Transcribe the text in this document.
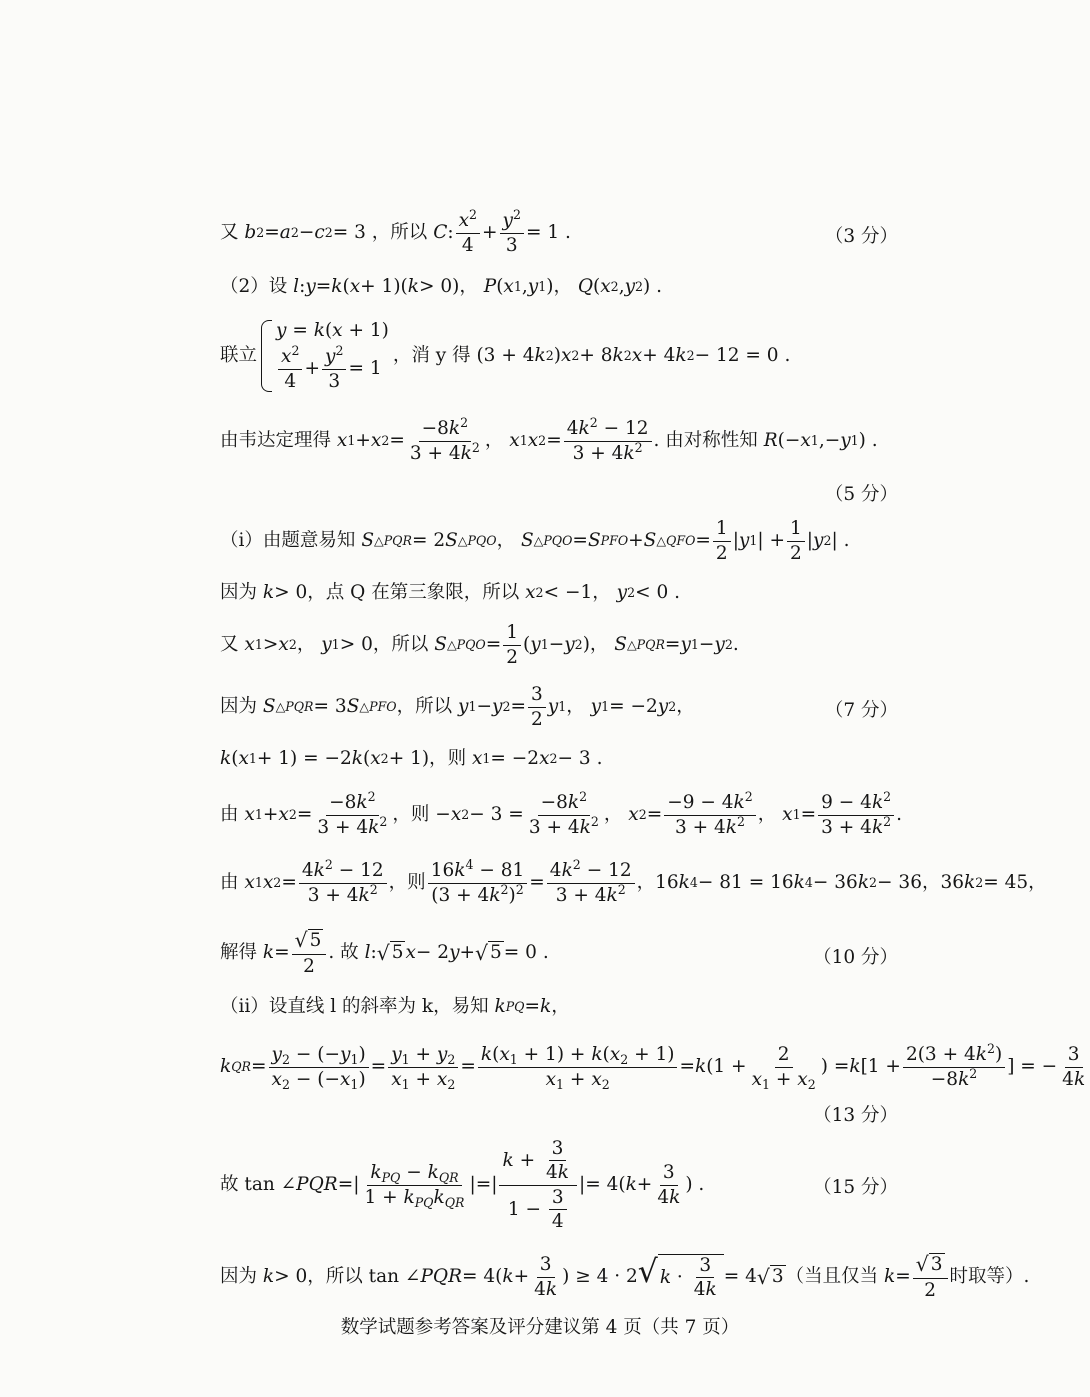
又
b 2 = a 2 − c 2 = 3 ， 所以
C : $\frac{x^2}{4} + \frac{y^2}{3} = 1$ .	（3 分）
（2）设
l : y = k ( x + 1)( k > 0)， P ( x 1 , y 1 )， Q ( x 2 , y 2 ) .
联立
y = k(x + 1)
$\frac{x^2}{4} + \frac{y^2}{3} = 1$
，消 y 得 (3 + 4 k 2 ) x 2 + 8 k 2 x + 4 k 2 − 12 = 0 .
由韦达定理得
x 1 + x $2 = \frac{-8k^2}{3 + 4k^2}$ ， x 1 x $2 = \frac{4k^2 - 12}{3 + 4k^2}$ . 由对称性知
R (− x 1 ,− y 1 ) .
（5 分）
（ⅰ）由题意易知
S △PQR = 2 S △PQO ， S △PQO = S PFO + S △QFO = $\frac{1}{2}$ | y 1 | + $\frac{1}{2}$ | y 2 | .
因为
k > 0 ，点 Q 在第三象限，所以
x 2 < −1， y 2 < 0 .
又
x 1 > x 2 ， y 1 > 0， 所以
S △PQO = $\frac{1}{2}$ ( y 1 − y 2 )， S △PQR = y 1 − y 2 .
因为
S △PQR = 3 S △PFO ， 所以
y 1 − y $2 = \frac{3}{2}$ y 1 ， y 1 = −2 y 2 ，	（7 分）
k ( x 1 + 1) = −2 k ( x 2 + 1)， 则
x 1 = −2 x 2 − 3 .
由
x 1 + x $2 = \frac{-8k^2}{3 + 4k^2}$ ， 则 − x $2 - 3 = \frac{-8k^2}{3 + 4k^2}$ ， x $2 = \frac{-9 - 4k^2}{3 + 4k^2}$ ， x $1 = \frac{9 - 4k^2}{3 + 4k^2}$ .
由
x 1 x $2 = \frac{4k^2 - 12}{3 + 4k^2}$ ， 则 $\frac{16k^4 - 81}{(3 + 4k^2)^2} = \frac{4k^2 - 12}{3 + 4k^2}$ ，16 k 4 − 81 = 16 k 4 − 36 k 2 − 36，36 k 2 = 45，
解得
$k = \frac{√ 5}{2}$ . 故
l : √ 5 x − 2 y + √ 5 = 0 .	（10 分）
（ⅱ）设直线 l 的斜率为 k，易知
k PQ = k ，
k QR = $\frac{y_2 - (-y_1)}{x_2 - (-x_1)} = \frac{y_1 + y_2}{x_1 + x_2} = \frac{k(x_1 + 1) + k(x_2 + 1)}{x_1 + x_2} = k$ ($1 + \frac{2}{x_1 + x_2}$ ) = k [$1 + \frac{2(3 + 4k^2)}{-8k^2}$ ] = − $\frac{3}{4k}$
（13 分）
故 tan ∠ PQR =| $\frac{k_{PQ} - k_{QR}}{1 + k_{PQ}k_{QR}}$ |=| $\frac{k + \frac{3}{4k}}{1 - \frac{3}{4}}$ |= 4( $k + \frac{3}{4k}$ ) .	（15 分）
因为
k > 0， 所以 tan ∠ PQR = 4( $k + \frac{3}{4k}$ ) ≥ 4 · 2 √ $k \cdot \frac{3}{4k} = 4$ √ 3 （当且仅当
$k = \frac{√ 3}{2}$ 时取等）.
数学试题参考答案及评分建议第 4 页（共 7 页）
